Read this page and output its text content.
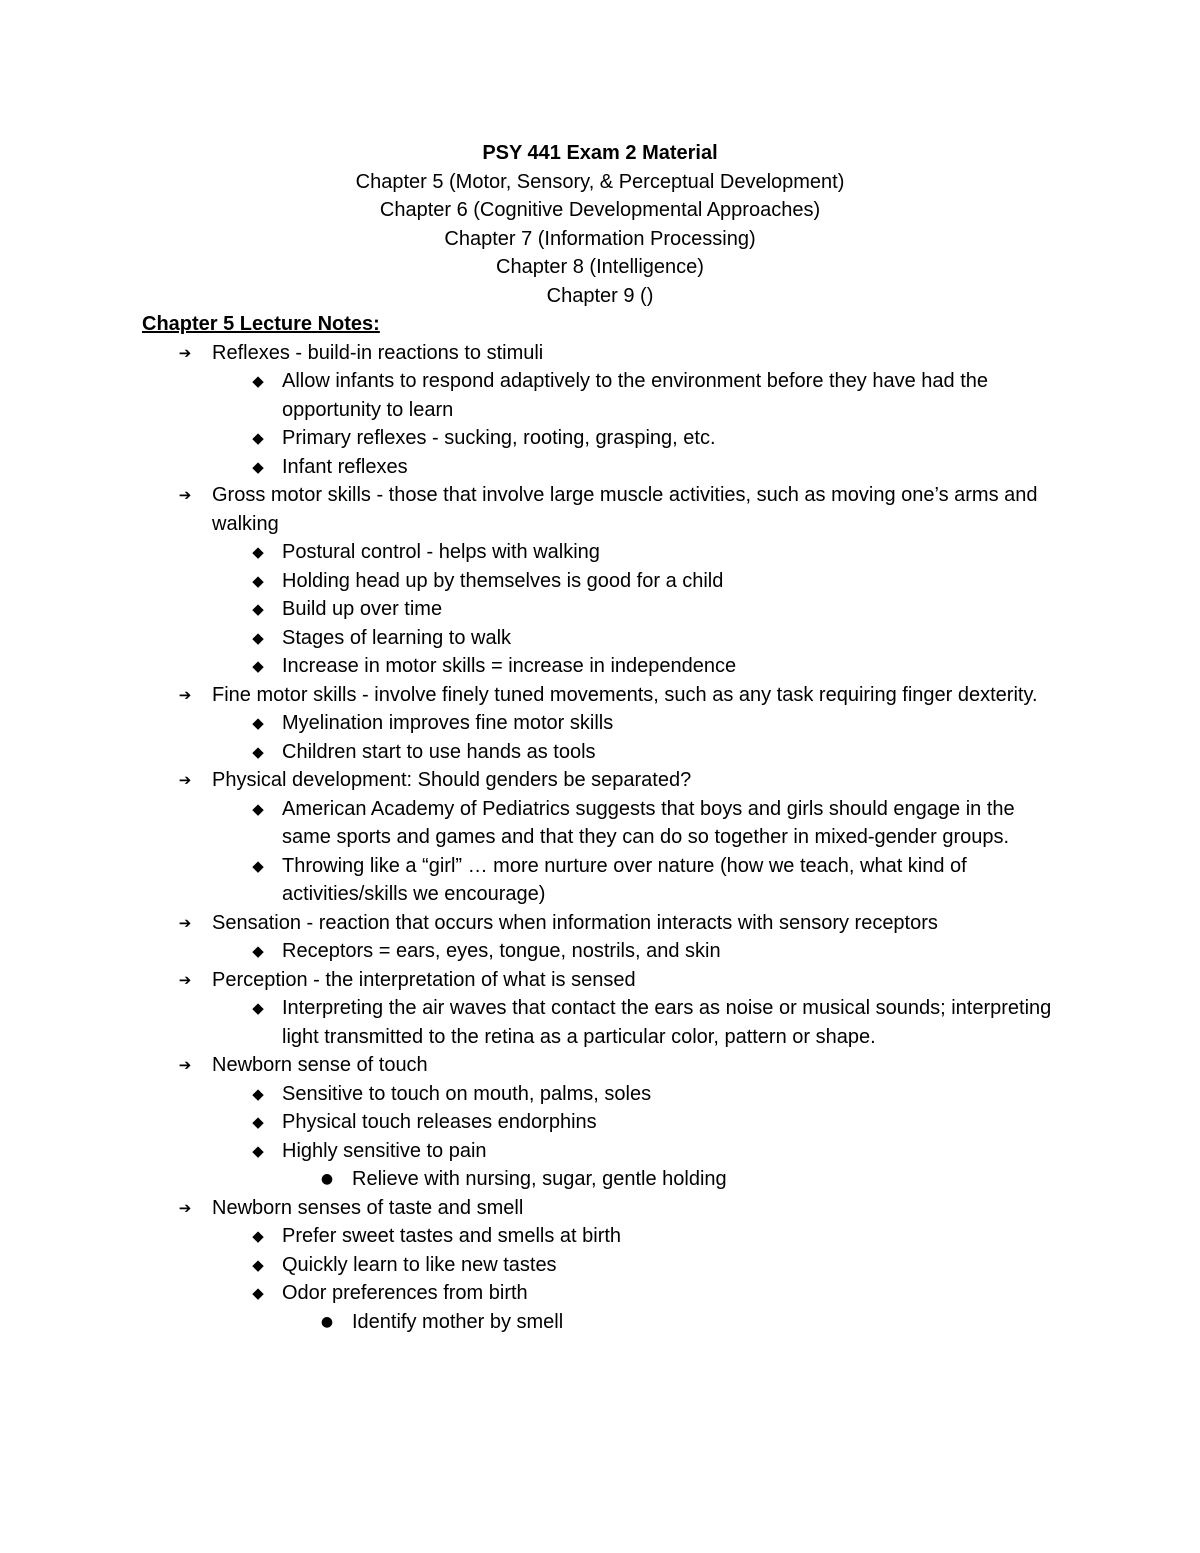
PSY 441 Exam 2 Material
Chapter 5 (Motor, Sensory, & Perceptual Development)
Chapter 6 (Cognitive Developmental Approaches)
Chapter 7 (Information Processing)
Chapter 8 (Intelligence)
Chapter 9 ()
Chapter 5 Lecture Notes:
➔ Reflexes - build-in reactions to stimuli
◆ Allow infants to respond adaptively to the environment before they have had the opportunity to learn
◆ Primary reflexes - sucking, rooting, grasping, etc.
◆ Infant reflexes
➔ Gross motor skills - those that involve large muscle activities, such as moving one’s arms and walking
◆ Postural control - helps with walking
◆ Holding head up by themselves is good for a child
◆ Build up over time
◆ Stages of learning to walk
◆ Increase in motor skills = increase in independence
➔ Fine motor skills - involve finely tuned movements, such as any task requiring finger dexterity.
◆ Myelination improves fine motor skills
◆ Children start to use hands as tools
➔ Physical development: Should genders be separated?
◆ American Academy of Pediatrics suggests that boys and girls should engage in the same sports and games and that they can do so together in mixed-gender groups.
◆ Throwing like a “girl” … more nurture over nature (how we teach, what kind of activities/skills we encourage)
➔ Sensation - reaction that occurs when information interacts with sensory receptors
◆ Receptors = ears, eyes, tongue, nostrils, and skin
➔ Perception - the interpretation of what is sensed
◆ Interpreting the air waves that contact the ears as noise or musical sounds; interpreting light transmitted to the retina as a particular color, pattern or shape.
➔ Newborn sense of touch
◆ Sensitive to touch on mouth, palms, soles
◆ Physical touch releases endorphins
◆ Highly sensitive to pain
● Relieve with nursing, sugar, gentle holding
➔ Newborn senses of taste and smell
◆ Prefer sweet tastes and smells at birth
◆ Quickly learn to like new tastes
◆ Odor preferences from birth
● Identify mother by smell
